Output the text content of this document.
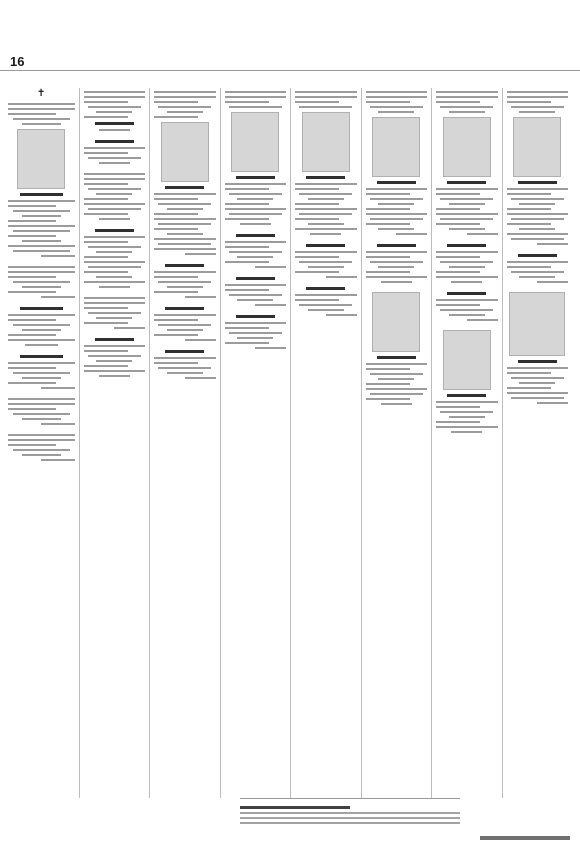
16
✝
